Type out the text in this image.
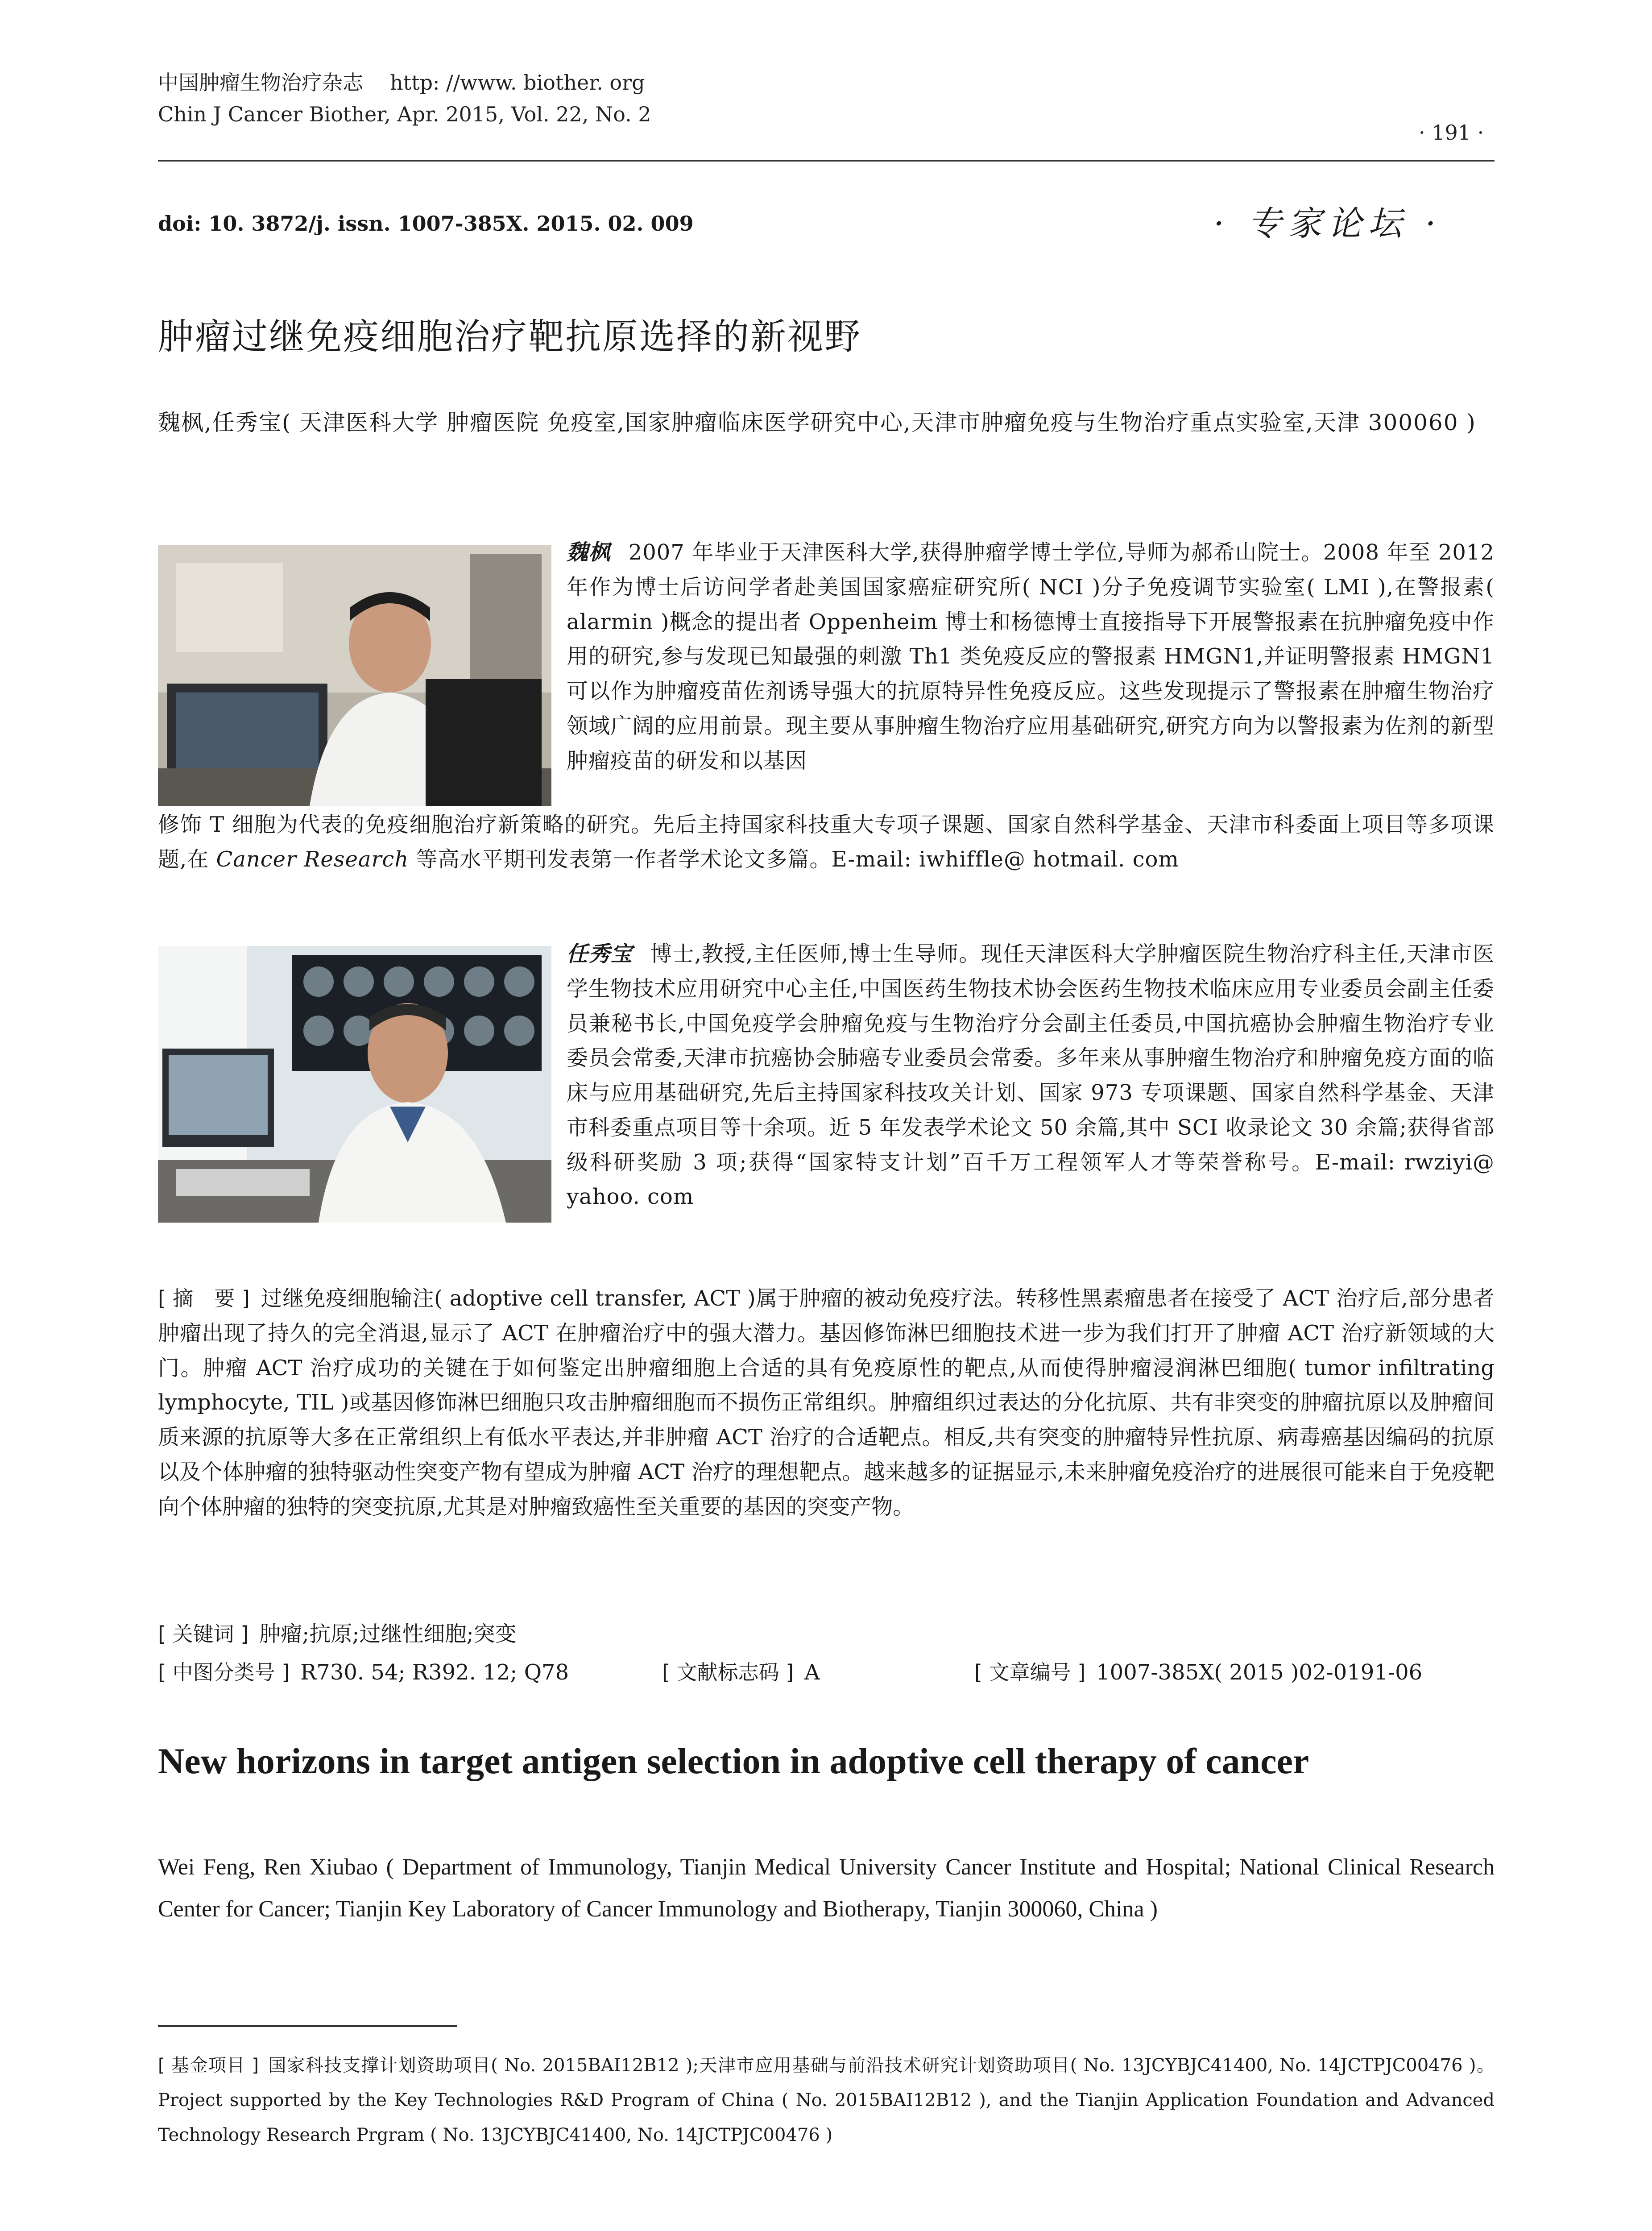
中国肿瘤生物治疗杂志 http: //www. biother. org
Chin J Cancer Biother, Apr. 2015, Vol. 22, No. 2
· 191 ·
doi: 10. 3872/j. issn. 1007-385X. 2015. 02. 009	· 专家论坛 ·
肿瘤过继免疫细胞治疗靶抗原选择的新视野
魏枫,任秀宝( 天津医科大学 肿瘤医院 免疫室,国家肿瘤临床医学研究中心,天津市肿瘤免疫与生物治疗重点实验室,天津 300060 )
魏枫 2007 年毕业于天津医科大学,获得肿瘤学博士学位,导师为郝希山院士。2008 年至 2012 年作为博士后访问学者赴美国国家癌症研究所( NCI )分子免疫调节实验室( LMI ),在警报素( alarmin )概念的提出者 Oppenheim 博士和杨德博士直接指导下开展警报素在抗肿瘤免疫中作用的研究,参与发现已知最强的刺激 Th1 类免疫反应的警报素 HMGN1,并证明警报素 HMGN1 可以作为肿瘤疫苗佐剂诱导强大的抗原特异性免疫反应。这些发现提示了警报素在肿瘤生物治疗领域广阔的应用前景。现主要从事肿瘤生物治疗应用基础研究,研究方向为以警报素为佐剂的新型肿瘤疫苗的研发和以基因
修饰 T 细胞为代表的免疫细胞治疗新策略的研究。先后主持国家科技重大专项子课题、国家自然科学基金、天津市科委面上项目等多项课题,在 Cancer Research 等高水平期刊发表第一作者学术论文多篇。E-mail: iwhiffle@ hotmail. com
任秀宝 博士,教授,主任医师,博士生导师。现任天津医科大学肿瘤医院生物治疗科主任,天津市医学生物技术应用研究中心主任,中国医药生物技术协会医药生物技术临床应用专业委员会副主任委员兼秘书长,中国免疫学会肿瘤免疫与生物治疗分会副主任委员,中国抗癌协会肿瘤生物治疗专业委员会常委,天津市抗癌协会肺癌专业委员会常委。多年来从事肿瘤生物治疗和肿瘤免疫方面的临床与应用基础研究,先后主持国家科技攻关计划、国家 973 专项课题、国家自然科学基金、天津市科委重点项目等十余项。近 5 年发表学术论文 50 余篇,其中 SCI 收录论文 30 余篇;获得省部级科研奖励 3 项;获得“国家特支计划”百千万工程领军人才等荣誉称号。E-mail: rwziyi@ yahoo. com
[ 摘　要 ] 过继免疫细胞输注( adoptive cell transfer, ACT )属于肿瘤的被动免疫疗法。转移性黑素瘤患者在接受了 ACT 治疗后,部分患者肿瘤出现了持久的完全消退,显示了 ACT 在肿瘤治疗中的强大潜力。基因修饰淋巴细胞技术进一步为我们打开了肿瘤 ACT 治疗新领域的大门。肿瘤 ACT 治疗成功的关键在于如何鉴定出肿瘤细胞上合适的具有免疫原性的靶点,从而使得肿瘤浸润淋巴细胞( tumor infiltrating lymphocyte, TIL )或基因修饰淋巴细胞只攻击肿瘤细胞而不损伤正常组织。肿瘤组织过表达的分化抗原、共有非突变的肿瘤抗原以及肿瘤间质来源的抗原等大多在正常组织上有低水平表达,并非肿瘤 ACT 治疗的合适靶点。相反,共有突变的肿瘤特异性抗原、病毒癌基因编码的抗原以及个体肿瘤的独特驱动性突变产物有望成为肿瘤 ACT 治疗的理想靶点。越来越多的证据显示,未来肿瘤免疫治疗的进展很可能来自于免疫靶向个体肿瘤的独特的突变抗原,尤其是对肿瘤致癌性至关重要的基因的突变产物。
[ 关键词 ] 肿瘤;抗原;过继性细胞;突变
[ 中图分类号 ] R730. 54; R392. 12; Q78	[ 文献标志码 ] A	[ 文章编号 ] 1007-385X( 2015 )02-0191-06
New horizons in target antigen selection in adoptive cell therapy of cancer
Wei Feng, Ren Xiubao ( Department of Immunology, Tianjin Medical University Cancer Institute and Hospital; National Clinical Research Center for Cancer; Tianjin Key Laboratory of Cancer Immunology and Biotherapy, Tianjin 300060, China )
[ 基金项目 ] 国家科技支撑计划资助项目( No. 2015BAI12B12 );天津市应用基础与前沿技术研究计划资助项目( No. 13JCYBJC41400, No. 14JCTPJC00476 )。Project supported by the Key Technologies R&D Program of China ( No. 2015BAI12B12 ), and the Tianjin Application Foundation and Advanced Technology Research Prgram ( No. 13JCYBJC41400, No. 14JCTPJC00476 )
